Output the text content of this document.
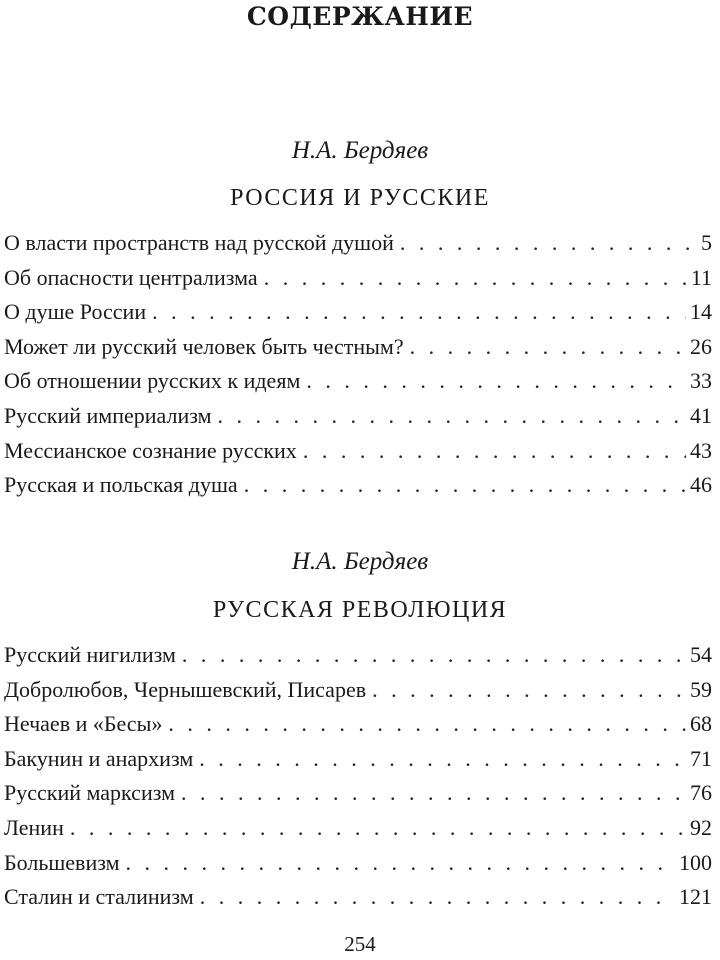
СОДЕРЖАНИЕ
Н.А. Бердяев
РОССИЯ И РУССКИЕ
О власти пространств над русской душой . . .	5
Об опасности централизма . . .	11
О душе России . . .	14
Может ли русский человек быть честным? . . .	26
Об отношении русских к идеям . . .	33
Русский империализм . . .	41
Мессианское сознание русских . . .	43
Русская и польская душа . . .	46
Н.А. Бердяев
РУССКАЯ РЕВОЛЮЦИЯ
Русский нигилизм . . .	54
Добролюбов, Чернышевский, Писарев . . .	59
Нечаев и «Бесы» . . .	68
Бакунин и анархизм . . .	71
Русский марксизм . . .	76
Ленин . . .	92
Большевизм . . .	100
Сталин и сталинизм . . .	121
254
